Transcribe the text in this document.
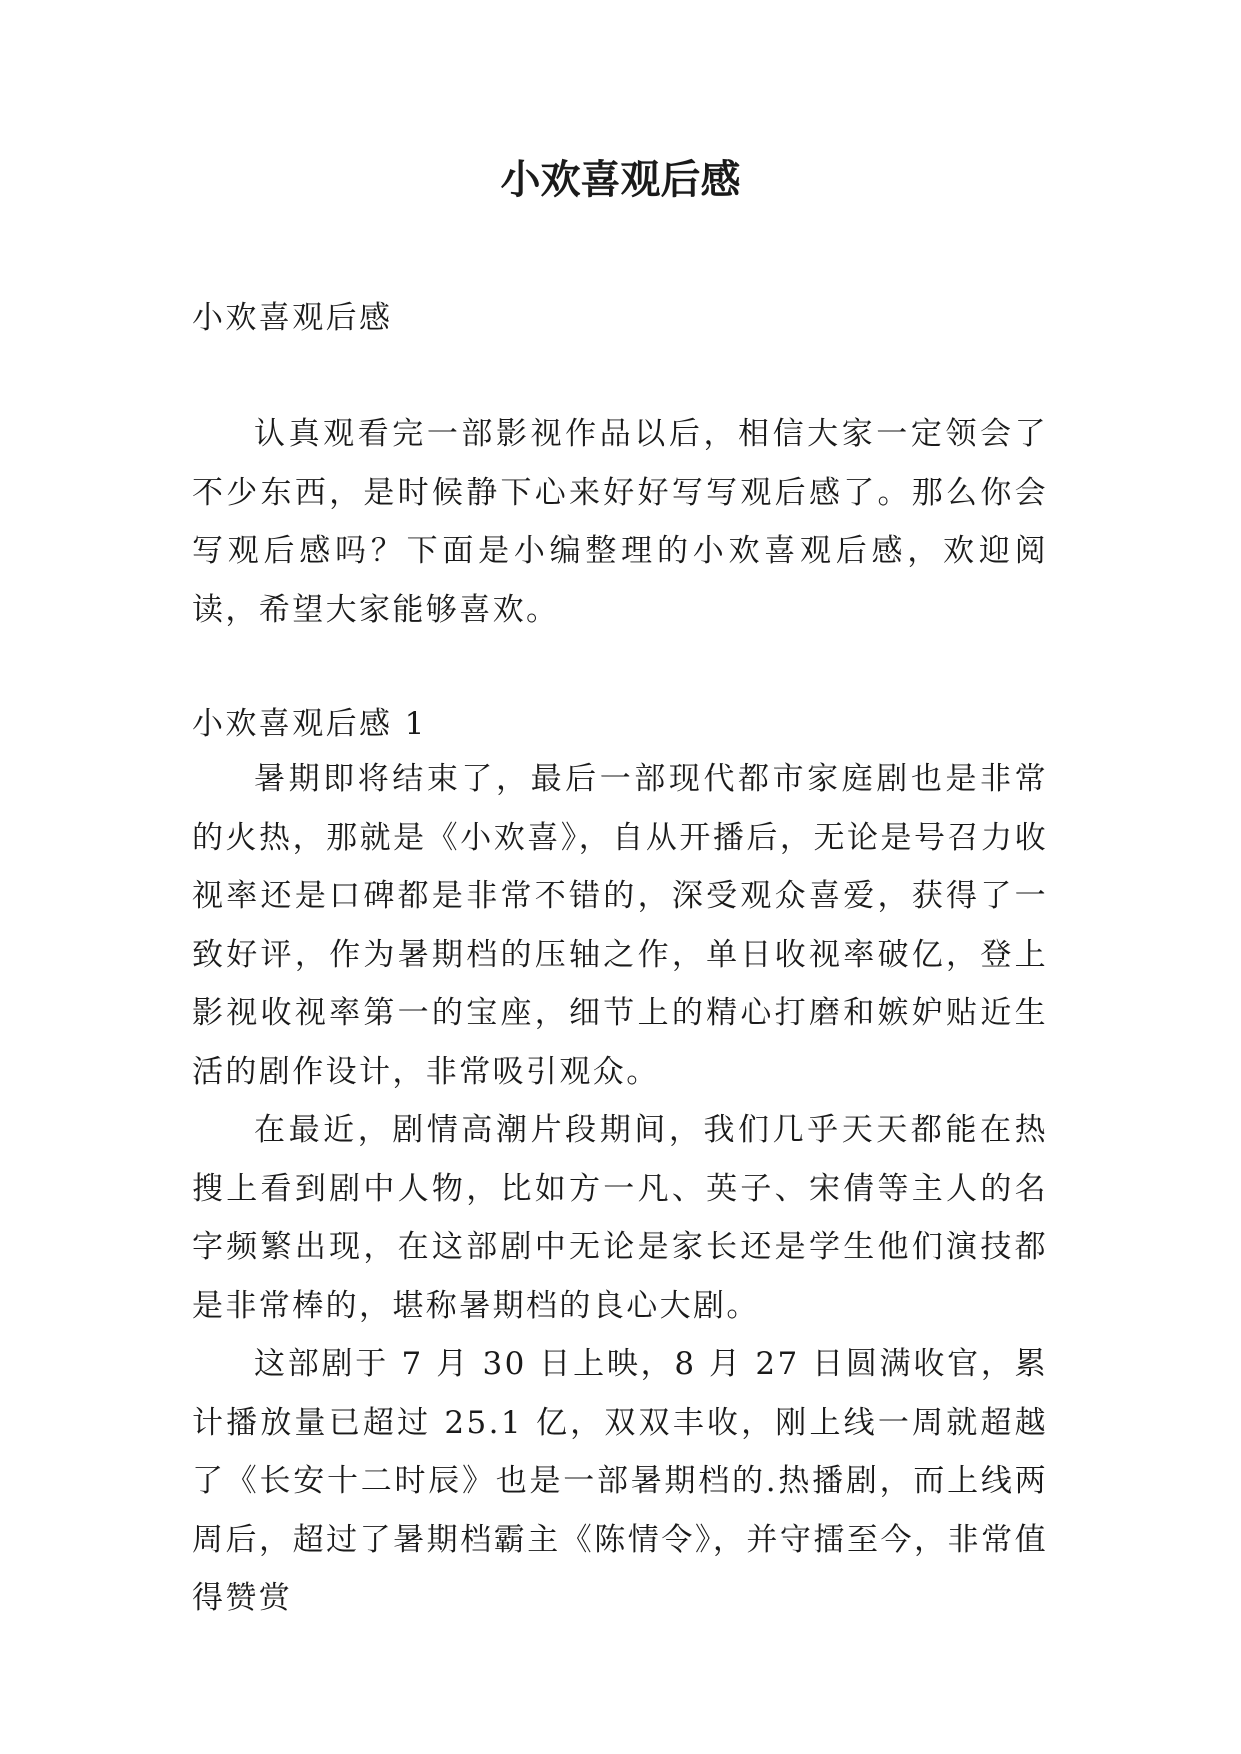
小欢喜观后感
小欢喜观后感

认真观看完一部影视作品以后，相信大家一定领会了不少东西，是时候静下心来好好写写观后感了。那么你会写观后感吗？下面是小编整理的小欢喜观后感，欢迎阅读，希望大家能够喜欢。

小欢喜观后感 1

暑期即将结束了，最后一部现代都市家庭剧也是非常的火热，那就是《小欢喜》，自从开播后，无论是号召力收视率还是口碑都是非常不错的，深受观众喜爱，获得了一致好评，作为暑期档的压轴之作，单日收视率破亿，登上影视收视率第一的宝座，细节上的精心打磨和嫉妒贴近生活的剧作设计，非常吸引观众。

在最近，剧情高潮片段期间，我们几乎天天都能在热搜上看到剧中人物，比如方一凡、英子、宋倩等主人的名字频繁出现，在这部剧中无论是家长还是学生他们演技都是非常棒的，堪称暑期档的良心大剧。

这部剧于 7 月 30 日上映，8 月 27 日圆满收官，累计播放量已超过 25.1 亿，双双丰收，刚上线一周就超越了《长安十二时辰》也是一部暑期档的.热播剧，而上线两周后，超过了暑期档霸主《陈情令》，并守擂至今，非常值得赞赏
